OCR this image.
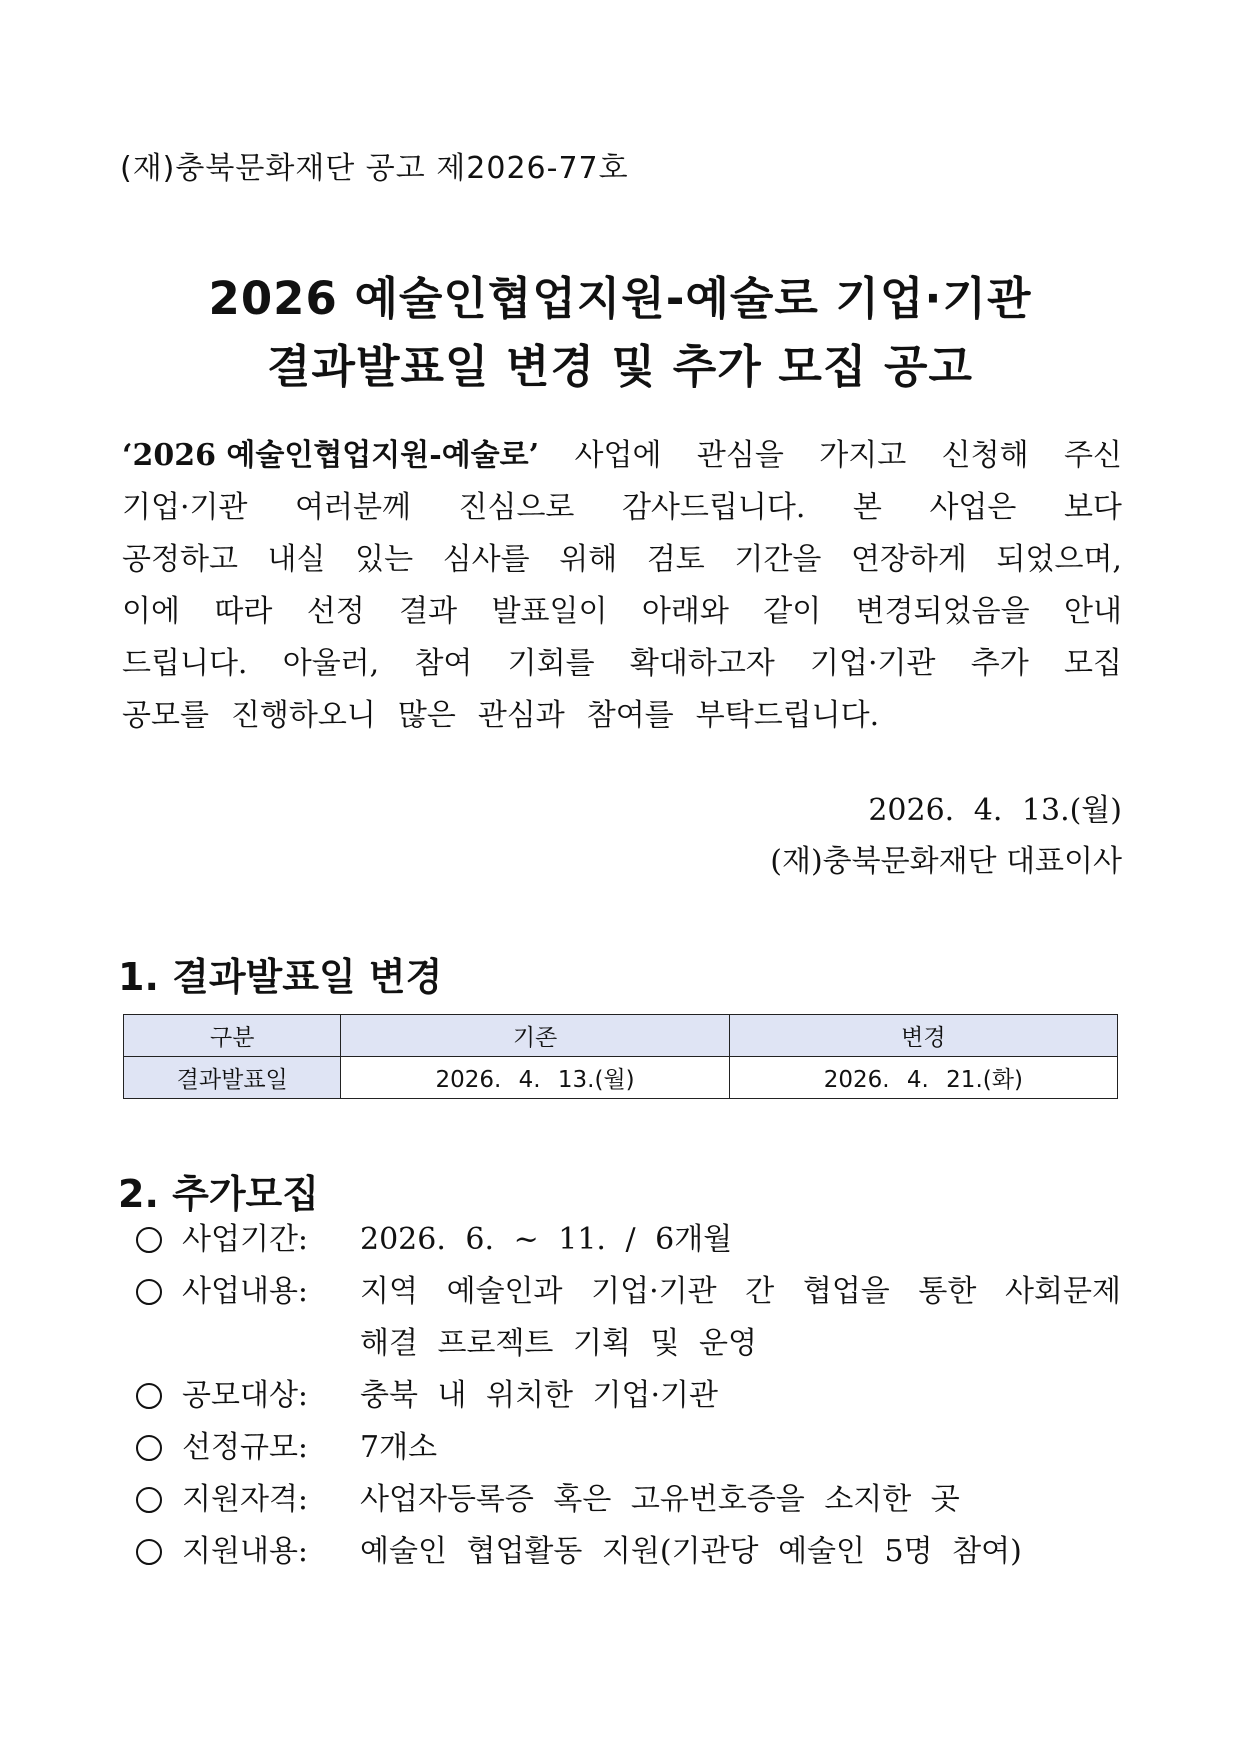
(재)충북문화재단 공고 제2026-77호
2026 예술인협업지원-예술로 기업·기관
결과발표일 변경 및 추가 모집 공고
‘2026 예술인협업지원-예술로’ 사업에 관심을 가지고 신청해 주신
기업·기관 여러분께 진심으로 감사드립니다. 본 사업은 보다
공정하고 내실 있는 심사를 위해 검토 기간을 연장하게 되었으며,
이에 따라 선정 결과 발표일이 아래와 같이 변경되었음을 안내
드립니다. 아울러, 참여 기회를 확대하고자 기업·기관 추가 모집
공모를 진행하오니 많은 관심과 참여를 부탁드립니다.
2026. 4. 13.(월)
(재)충북문화재단 대표이사
1. 결과발표일 변경
구분	기존	변경
결과발표일	2026. 4. 13.(월)	2026. 4. 21.(화)
2. 추가모집
사업기간:	2026. 6. ~ 11. / 6개월
사업내용:	지역 예술인과 기업·기관 간 협업을 통한 사회문제
해결 프로젝트 기획 및 운영
공모대상:	충북 내 위치한 기업·기관
선정규모:	7개소
지원자격:	사업자등록증 혹은 고유번호증을 소지한 곳
지원내용:	예술인 협업활동 지원(기관당 예술인 5명 참여)
